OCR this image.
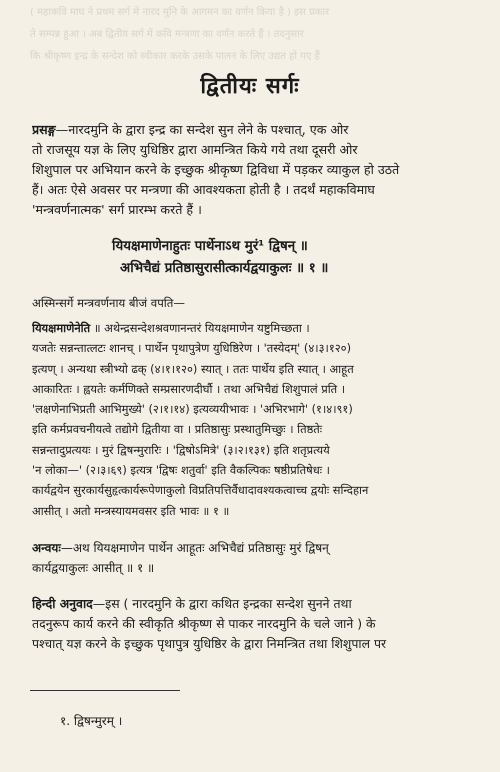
( महाकवि माघ ने प्रथम सर्ग में नारद मुनि के आगमन का वर्णन किया है ) इस प्रकार
ते सम्पन्न हुआ । अब द्वितीय सर्ग में कवि मन्त्रणा का वर्णन करते हैं । तदनुसार
कि श्रीकृष्ण इन्द्र के सन्देश को स्वीकार करके उसके पालन के लिए उद्यत हो गए हैं
द्वितीयः सर्गः
प्रसङ्ग—नारदमुनि के द्वारा इन्द्र का सन्देश सुन लेने के पश्चात्, एक ओर
तो राजसूय यज्ञ के लिए युधिष्ठिर द्वारा आमन्त्रित किये गये तथा दूसरी ओर
शिशुपाल पर अभियान करने के इच्छुक श्रीकृष्ण द्विविधा में पड़कर व्याकुल हो उठते
हैं। अतः ऐसे अवसर पर मन्त्रणा की आवश्यकता होती है । तदर्थं महाकविमाघ
'मन्त्रवर्णनात्मक' सर्ग प्रारम्भ करते हैं ।
यियक्षमाणेनाहुतः पार्थेनाऽथ मुरं¹ द्विषन् ॥
अभिचैद्यं प्रतिष्ठासुरासीत्कार्यद्वयाकुलः ॥ १ ॥
अस्मिन्सर्गे मन्त्रवर्णनाय बीजं वपति—
यियक्षमाणेनेति ॥ अथेन्द्रसन्देशश्रवणानन्तरं यियक्षमाणेन यष्टुमिच्छता ।
यजतेः सन्नन्तात्लटः शानच् । पार्थेन पृथापुत्रेण युधिष्ठिरेण । 'तस्येदम्' (४।३।१२०)
इत्यण् । अन्यथा स्त्रीभ्यो ढक् (४।१।१२०) स्यात् । ततः पार्थेय इति स्यात् । आहूत
आकारितः । ह्वयतेः कर्मणिक्ते सम्प्रसारणदीर्घौ । तथा अभिचैद्यं शिशुपालं प्रति ।
'लक्षणेनाभिप्रती आभिमुख्ये' (२।१।१४) इत्यव्ययीभावः । 'अभिरभागे' (१।४।९१)
इति कर्मप्रवचनीयत्वे तद्योगे द्वितीया वा । प्रतिष्ठासुः प्रस्थातुमिच्छुः । तिष्ठतेः
सन्नन्तादुप्रत्ययः । मुरं द्विषन्मुरारिः । 'द्विषोऽमित्रे' (३।२।१३१) इति शतृप्रत्यये
'न लोका—' (२।३।६९) इत्यत्र 'द्विषः शतुर्वा' इति वैकल्पिकः षष्ठीप्रतिषेधः ।
कार्यद्वयेन सुरकार्यसुहृत्कार्यरूपेणाकुलो विप्रतिपत्तिर्वैधादावश्यकत्वाच्च द्वयोः सन्दिहान
आसीत् । अतो मन्त्रस्यायमवसर इति भावः ॥ १ ॥
अन्वयः—अथ यियक्षमाणेन पार्थेन आहूतः अभिचैद्यं प्रतिष्ठासुः मुरं द्विषन्
कार्यद्वयाकुलः आसीत् ॥ १ ॥
हिन्दी अनुवाद—इस ( नारदमुनि के द्वारा कथित इन्द्रका सन्देश सुनने तथा
तदनुरूप कार्य करने की स्वीकृति श्रीकृष्ण से पाकर नारदमुनि के चले जाने ) के
पश्चात् यज्ञ करने के इच्छुक पृथापुत्र युधिष्ठिर के द्वारा निमन्त्रित तथा शिशुपाल पर
१. द्विषन्मुरम् ।
